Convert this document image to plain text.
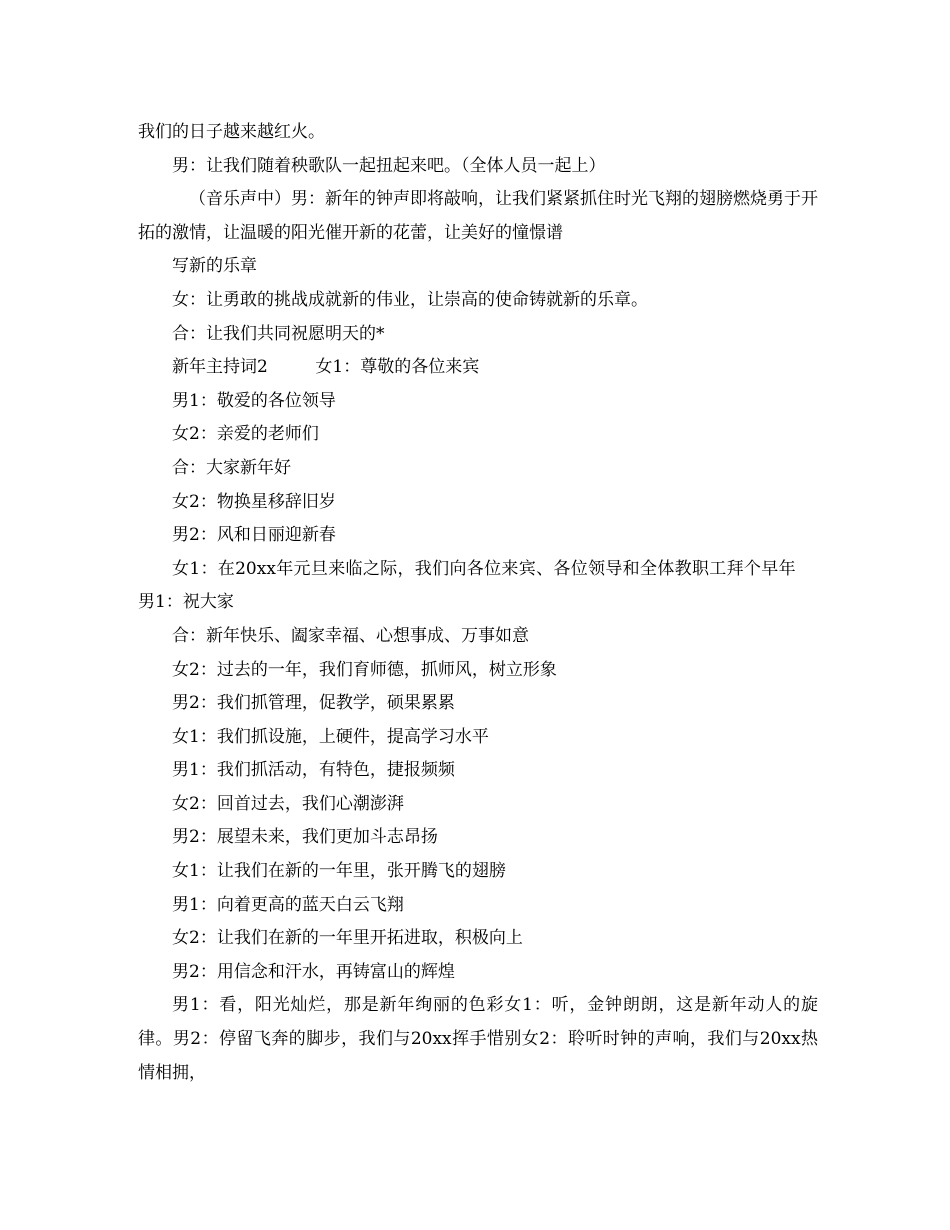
我们的日子越来越红火。

男：让我们随着秧歌队一起扭起来吧。（全体人员一起上）

（音乐声中）男：新年的钟声即将敲响，让我们紧紧抓住时光飞翔的翅膀燃烧勇于开拓的激情，让温暖的阳光催开新的花蕾，让美好的憧憬谱

写新的乐章

女：让勇敢的挑战成就新的伟业，让崇高的使命铸就新的乐章。

合：让我们共同祝愿明天的*

新年主持词2	女1：尊敬的各位来宾

男1：敬爱的各位领导

女2：亲爱的老师们

合：大家新年好

女2：物换星移辞旧岁

男2：风和日丽迎新春

女1：在20xx年元旦来临之际，我们向各位来宾、各位领导和全体教职工拜个早年男1：祝大家

合：新年快乐、阖家幸福、心想事成、万事如意

女2：过去的一年，我们育师德，抓师风，树立形象

男2：我们抓管理，促教学，硕果累累

女1：我们抓设施，上硬件，提高学习水平

男1：我们抓活动，有特色，捷报频频

女2：回首过去，我们心潮澎湃

男2：展望未来，我们更加斗志昂扬

女1：让我们在新的一年里，张开腾飞的翅膀

男1：向着更高的蓝天白云飞翔

女2：让我们在新的一年里开拓进取，积极向上

男2：用信念和汗水，再铸富山的辉煌

男1：看，阳光灿烂，那是新年绚丽的色彩女1：听，金钟朗朗，这是新年动人的旋律。男2：停留飞奔的脚步，我们与20xx挥手惜别女2：聆听时钟的声响，我们与20xx热情相拥，
